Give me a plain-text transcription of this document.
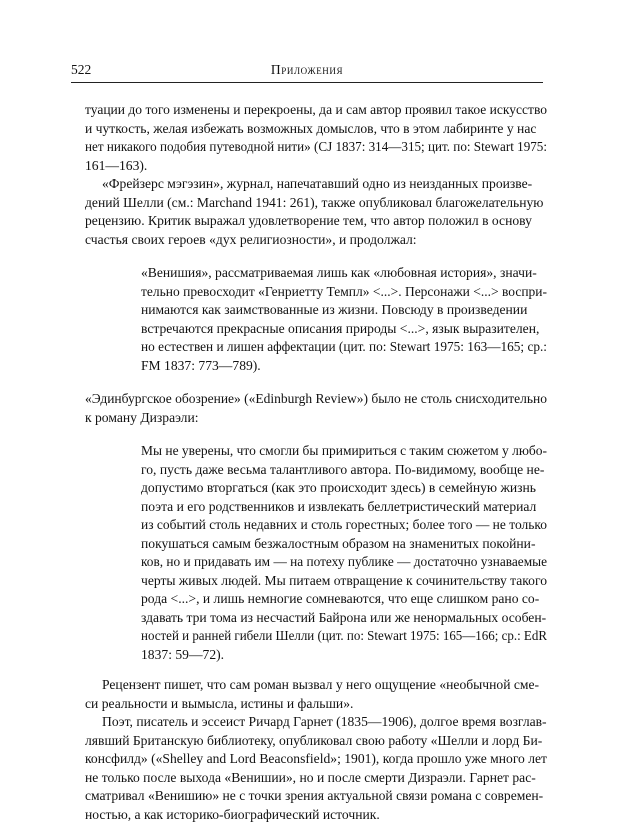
522	Приложения
туации до того изменены и перекроены, да и сам автор проявил такое искусство
и чуткость, желая избежать возможных домыслов, что в этом лабиринте у нас
нет никакого подобия путеводной нити» (CJ 1837: 314—315; цит. по: Stewart 1975:
161—163).
«Фрейзерс мэгэзин», журнал, напечатавший одно из неизданных произве-
дений Шелли (см.: Marchand 1941: 261), также опубликовал благожелательную
рецензию. Критик выражал удовлетворение тем, что автор положил в основу
счастья своих героев «дух религиозности», и продолжал:
«Венишия», рассматриваемая лишь как «любовная история», значи-
тельно превосходит «Генриетту Темпл» <...>. Персонажи <...> воспри-
нимаются как заимствованные из жизни. Повсюду в произведении
встречаются прекрасные описания природы <...>, язык выразителен,
но естествен и лишен аффектации (цит. по: Stewart 1975: 163—165; ср.:
FM 1837: 773—789).
«Эдинбургское обозрение» («Edinburgh Review») было не столь снисходительно
к роману Дизраэли:
Мы не уверены, что смогли бы примириться с таким сюжетом у любо-
го, пусть даже весьма талантливого автора. По-видимому, вообще не-
допустимо вторгаться (как это происходит здесь) в семейную жизнь
поэта и его родственников и извлекать беллетристический материал
из событий столь недавних и столь горестных; более того — не только
покушаться самым безжалостным образом на знаменитых покойни-
ков, но и придавать им — на потеху публике — достаточно узнаваемые
черты живых людей. Мы питаем отвращение к сочинительству такого
рода <...>, и лишь немногие сомневаются, что еще слишком рано со-
здавать три тома из несчастий Байрона или же ненормальных особен-
ностей и ранней гибели Шелли (цит. по: Stewart 1975: 165—166; ср.: EdR
1837: 59—72).
Рецензент пишет, что сам роман вызвал у него ощущение «необычной сме-
си реальности и вымысла, истины и фальши».
Поэт, писатель и эссеист Ричард Гарнет (1835—1906), долгое время возглав-
лявший Британскую библиотеку, опубликовал свою работу «Шелли и лорд Би-
консфилд» («Shelley and Lord Beaconsfield»; 1901), когда прошло уже много лет
не только после выхода «Венишии», но и после смерти Дизраэли. Гарнет рас-
сматривал «Венишию» не с точки зрения актуальной связи романа с современ-
ностью, а как историко-биографический источник.
